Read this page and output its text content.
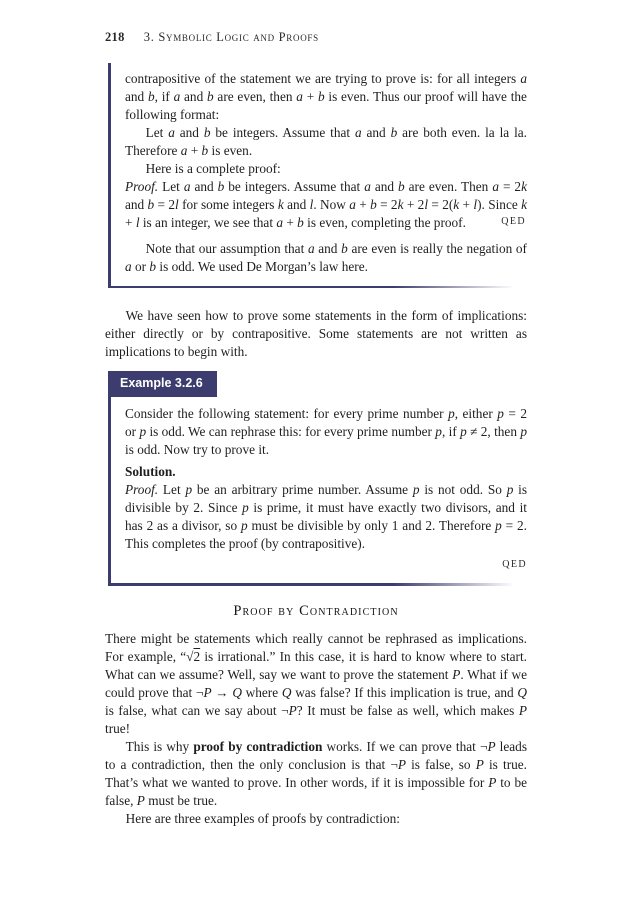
218 3. Symbolic Logic and Proofs

contrapositive of the statement we are trying to prove is: for all integers a and b, if a and b are even, then a + b is even. Thus our proof will have the following format:

Let a and b be integers. Assume that a and b are both even. la la la. Therefore a + b is even.

Here is a complete proof:

QED
Proof. Let a and b be integers. Assume that a and b are even. Then a = 2k and b = 2l for some integers k and l. Now a + b = 2k + 2l = 2(k + l). Since k + l is an integer, we see that a + b is even, completing the proof.

Note that our assumption that a and b are even is really the negation of a or b is odd. We used De Morgan’s law here.

We have seen how to prove some statements in the form of implications: either directly or by contrapositive. Some statements are not written as implications to begin with.

Example 3.2.6

Consider the following statement: for every prime number p, either p = 2 or p is odd. We can rephrase this: for every prime number p, if p ≠ 2, then p is odd. Now try to prove it.

Solution.

Proof. Let p be an arbitrary prime number. Assume p is not odd. So p is divisible by 2. Since p is prime, it must have exactly two divisors, and it has 2 as a divisor, so p must be divisible by only 1 and 2. Therefore p = 2. This completes the proof (by contrapositive).

QED
Proof by Contradiction

There might be statements which really cannot be rephrased as implications. For example, “√2 is irrational.” In this case, it is hard to know where to start. What can we assume? Well, say we want to prove the statement P. What if we could prove that ¬P → Q where Q was false? If this implication is true, and Q is false, what can we say about ¬P? It must be false as well, which makes P true!

This is why proof by contradiction works. If we can prove that ¬P leads to a contradiction, then the only conclusion is that ¬P is false, so P is true. That’s what we wanted to prove. In other words, if it is impossible for P to be false, P must be true.

Here are three examples of proofs by contradiction:
